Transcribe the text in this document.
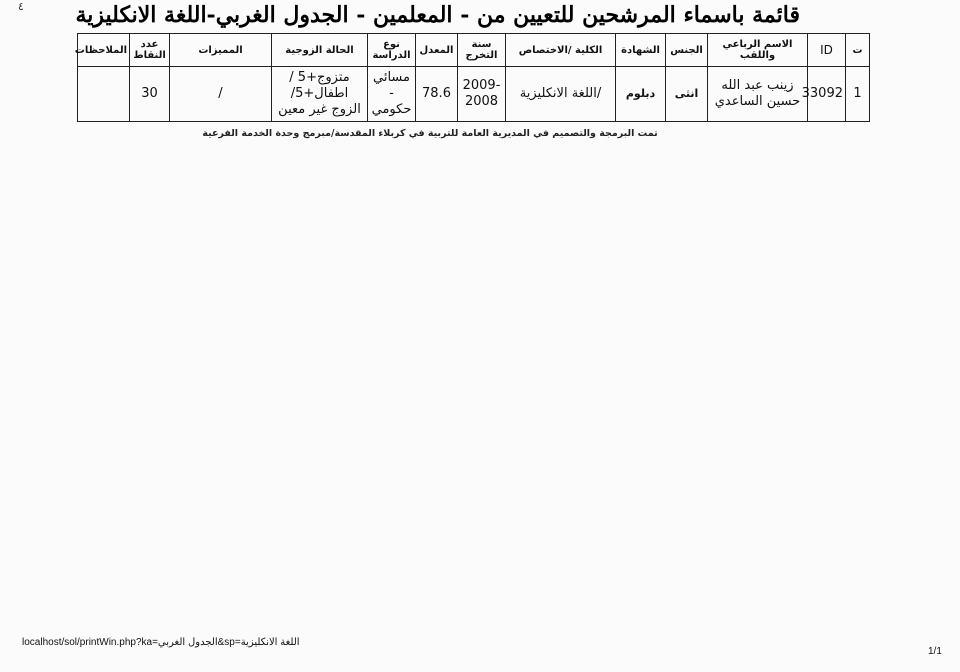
٤ قائمة باسماء المرشحين للتعيين من - المعلمين - الجدول الغربي-اللغة الانكليزية
ت	ID	الاسم الرباعي واللقب	الجنس	الشهادة	الكلية /الاختصاص	سنة التخرج	المعدل	نوع الدراسة	الحالة الزوجية	المميزات	عدد النقاط	الملاحظات
1	33092	زينب عبد الله حسين الساعدي	انثى	دبلوم	/اللغة الانكليزية	2009-2008	78.6	مسائي - حكومي	متزوج+5 / اطفال+5/ الزوج غير معين	/	30	
تمت البرمجة والتصميم في المديرية العامة للتربية في كربلاء المقدسة/مبرمج وحدة الخدمة الفرعية
localhost/sol/printWin.php?ka=الجدول الغربي&sp=اللغة الانكليزية
1/1
